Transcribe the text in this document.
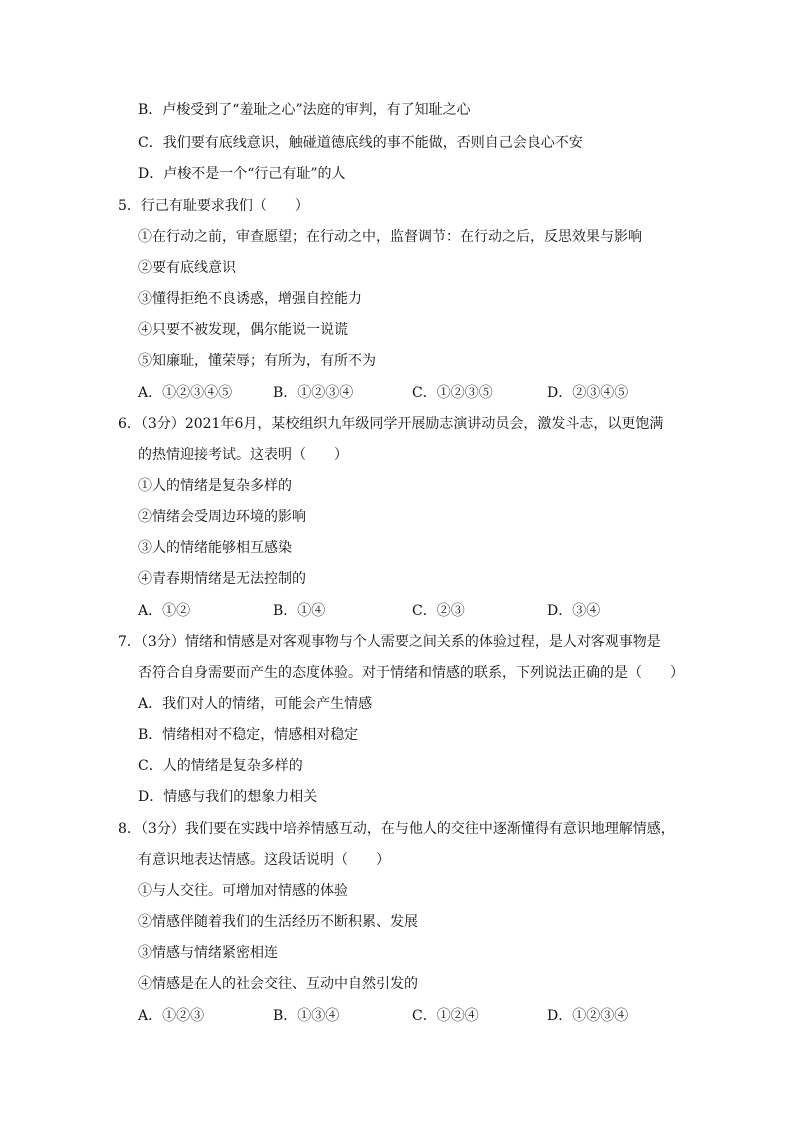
B．卢梭受到了“羞耻之心”法庭的审判，有了知耻之心
C．我们要有底线意识，触碰道德底线的事不能做，否则自己会良心不安
D．卢梭不是一个“行己有耻”的人
5．行己有耻要求我们（　　）
①在行动之前，审查愿望；在行动之中，监督调节：在行动之后，反思效果与影响
②要有底线意识
③懂得拒绝不良诱惑，增强自控能力
④只要不被发现，偶尔能说一说谎
⑤知廉耻，懂荣辱；有所为，有所不为
A．①②③④⑤	B．①②③④	C．①②③⑤	D．②③④⑤
6．（3分）2021年6月，某校组织九年级同学开展励志演讲动员会，激发斗志，以更饱满
的热情迎接考试。这表明（　　）
①人的情绪是复杂多样的
②情绪会受周边环境的影响
③人的情绪能够相互感染
④青春期情绪是无法控制的
A．①②	B．①④	C．②③	D．③④
7．（3分）情绪和情感是对客观事物与个人需要之间关系的体验过程，是人对客观事物是
否符合自身需要而产生的态度体验。对于情绪和情感的联系，下列说法正确的是（　　）
A．我们对人的情绪，可能会产生情感
B．情绪相对不稳定，情感相对稳定
C．人的情绪是复杂多样的
D．情感与我们的想象力相关
8．（3分）我们要在实践中培养情感互动，在与他人的交往中逐渐懂得有意识地理解情感，
有意识地表达情感。这段话说明（　　）
①与人交往。可增加对情感的体验
②情感伴随着我们的生活经历不断积累、发展
③情感与情绪紧密相连
④情感是在人的社会交往、互动中自然引发的
A．①②③	B．①③④	C．①②④	D．①②③④
